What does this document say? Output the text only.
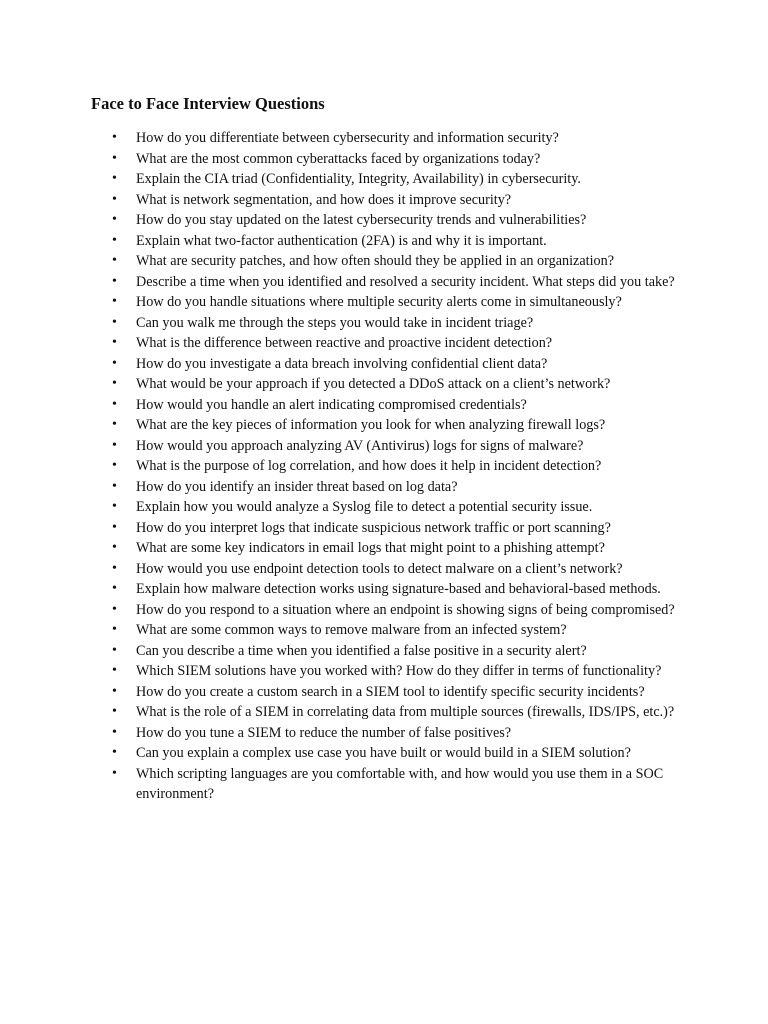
Face to Face Interview Questions
• How do you differentiate between cybersecurity and information security?
• What are the most common cyberattacks faced by organizations today?
• Explain the CIA triad (Confidentiality, Integrity, Availability) in cybersecurity.
• What is network segmentation, and how does it improve security?
• How do you stay updated on the latest cybersecurity trends and vulnerabilities?
• Explain what two-factor authentication (2FA) is and why it is important.
• What are security patches, and how often should they be applied in an organization?
• Describe a time when you identified and resolved a security incident. What steps did you take?
• How do you handle situations where multiple security alerts come in simultaneously?
• Can you walk me through the steps you would take in incident triage?
• What is the difference between reactive and proactive incident detection?
• How do you investigate a data breach involving confidential client data?
• What would be your approach if you detected a DDoS attack on a client’s network?
• How would you handle an alert indicating compromised credentials?
• What are the key pieces of information you look for when analyzing firewall logs?
• How would you approach analyzing AV (Antivirus) logs for signs of malware?
• What is the purpose of log correlation, and how does it help in incident detection?
• How do you identify an insider threat based on log data?
• Explain how you would analyze a Syslog file to detect a potential security issue.
• How do you interpret logs that indicate suspicious network traffic or port scanning?
• What are some key indicators in email logs that might point to a phishing attempt?
• How would you use endpoint detection tools to detect malware on a client’s network?
• Explain how malware detection works using signature-based and behavioral-based methods.
• How do you respond to a situation where an endpoint is showing signs of being compromised?
• What are some common ways to remove malware from an infected system?
• Can you describe a time when you identified a false positive in a security alert?
• Which SIEM solutions have you worked with? How do they differ in terms of functionality?
• How do you create a custom search in a SIEM tool to identify specific security incidents?
• What is the role of a SIEM in correlating data from multiple sources (firewalls, IDS/IPS, etc.)?
• How do you tune a SIEM to reduce the number of false positives?
• Can you explain a complex use case you have built or would build in a SIEM solution?
• Which scripting languages are you comfortable with, and how would you use them in a SOC environment?
